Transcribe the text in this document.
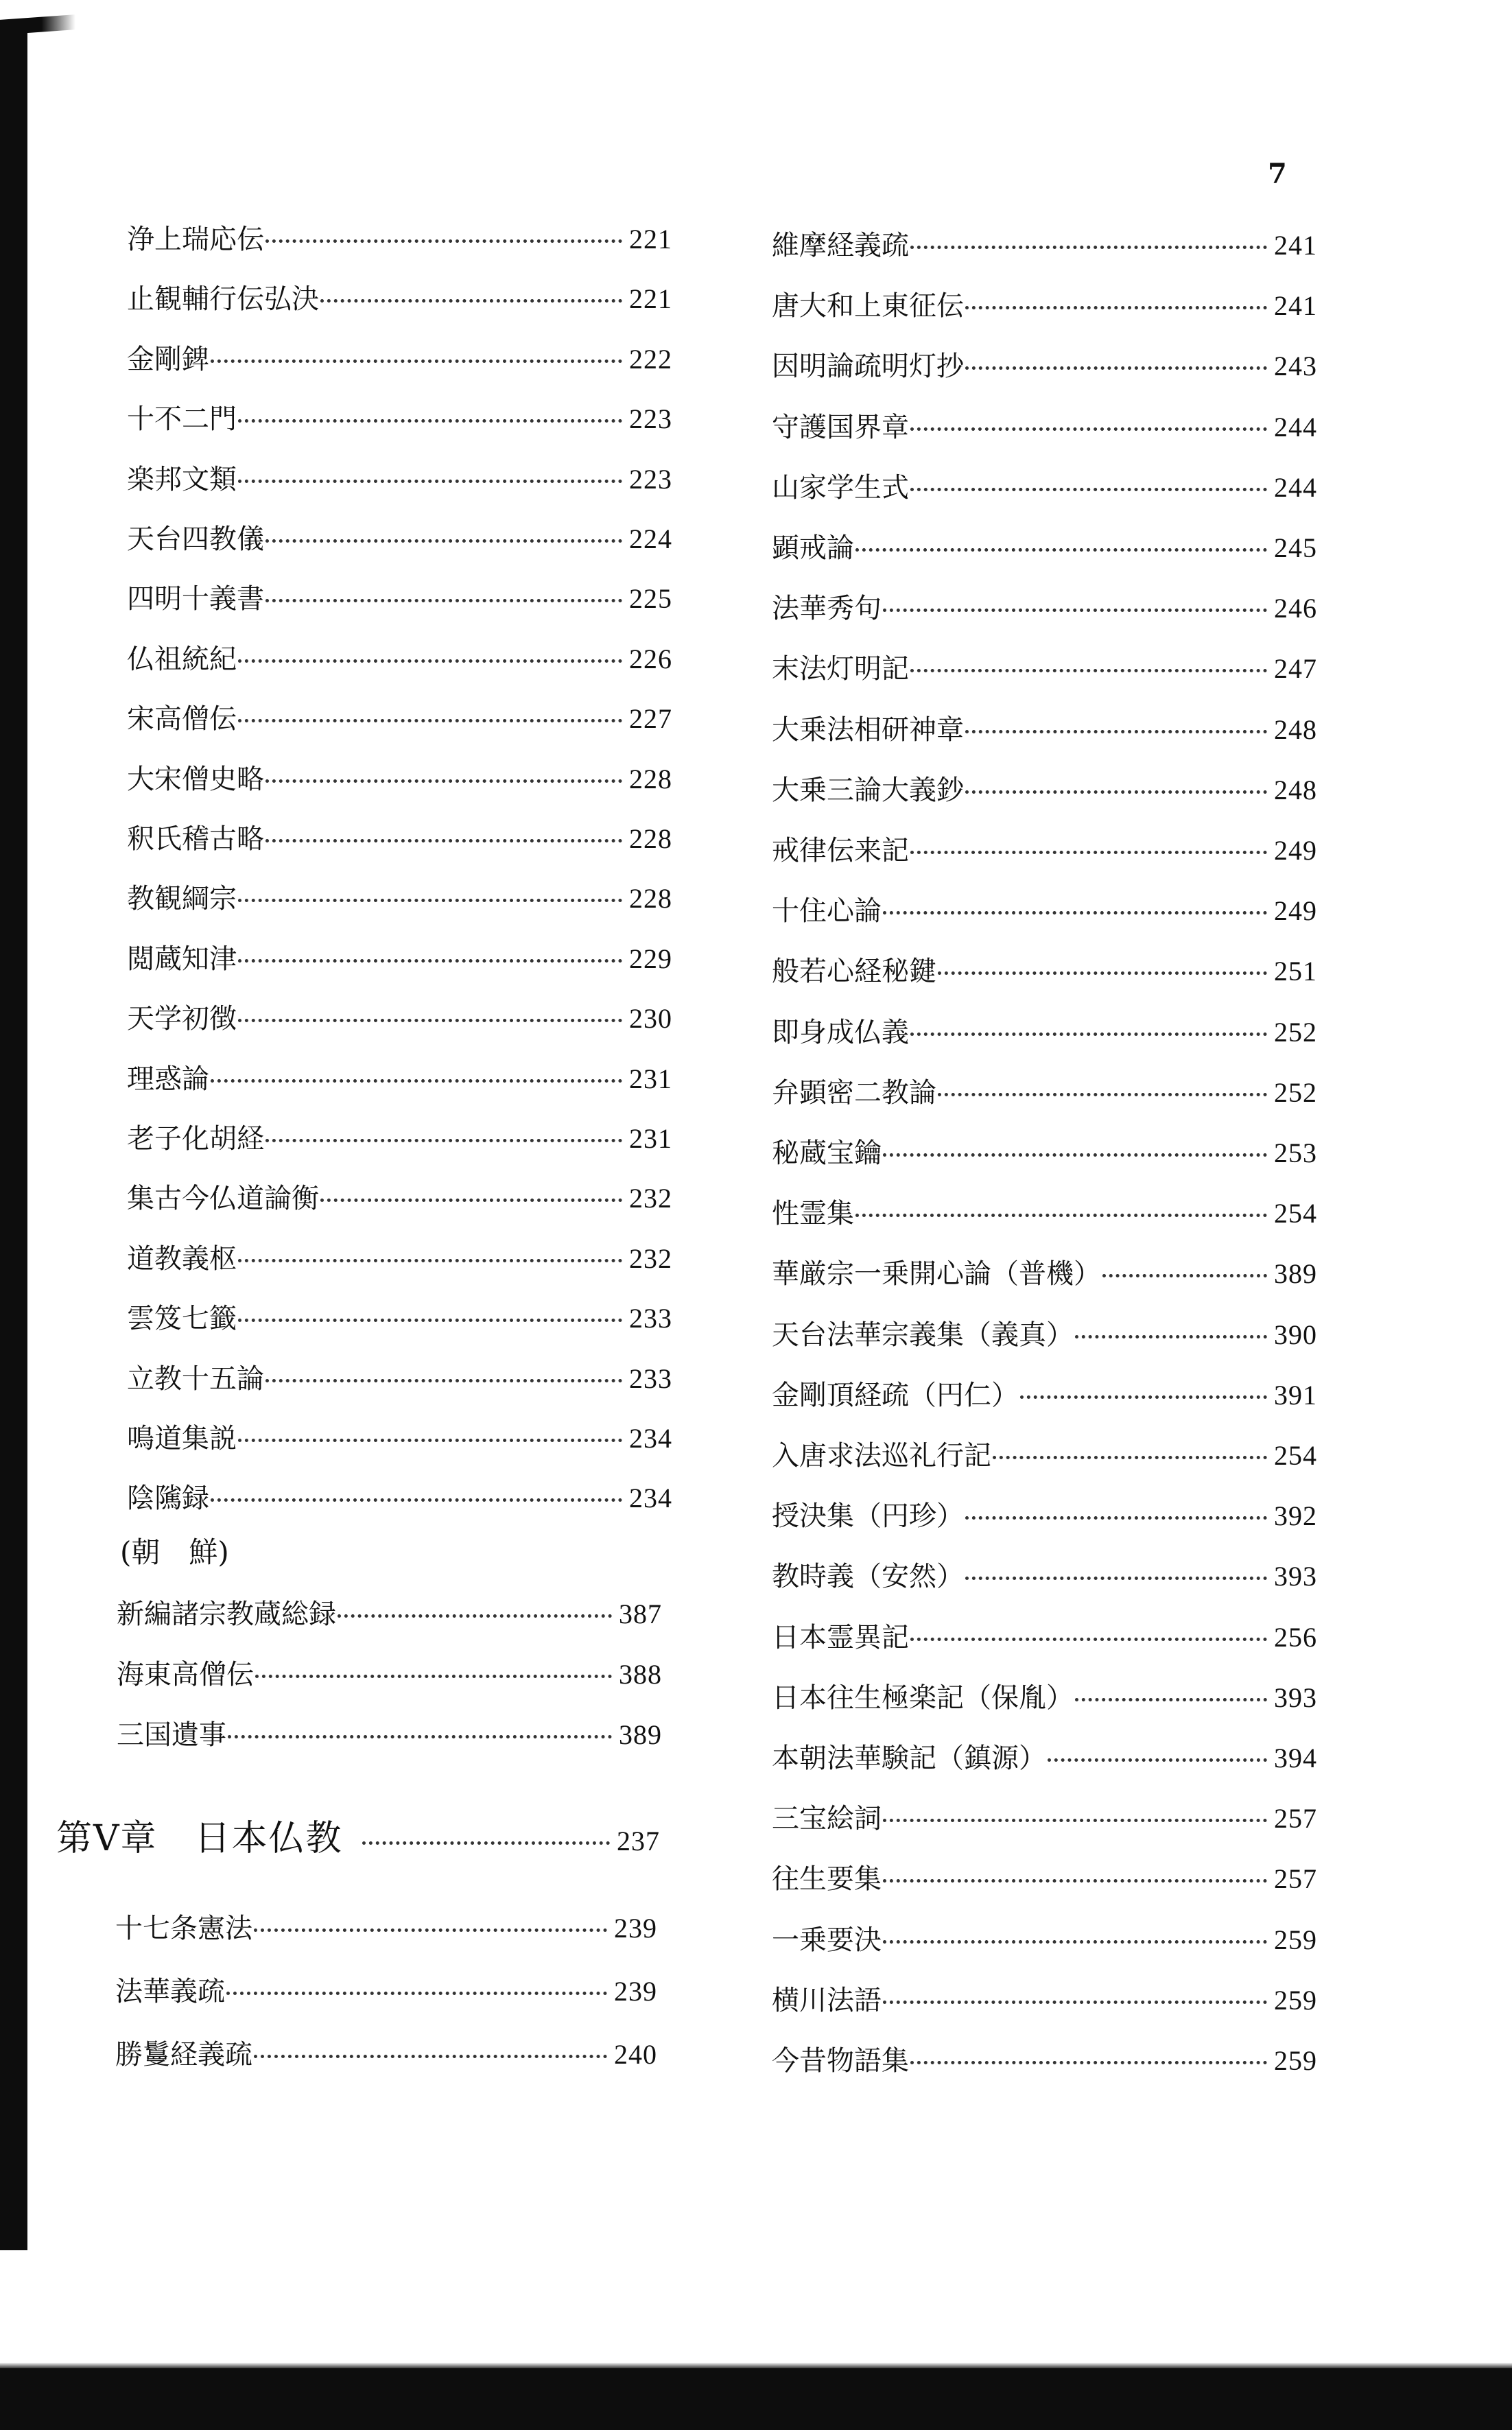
7
(朝　鮮)
第Ⅴ章　日本仏教	237
浄上瑞応伝	221
止観輔行伝弘決	221
金剛錍	222
十不二門	223
楽邦文類	223
天台四教儀	224
四明十義書	225
仏祖統紀	226
宋高僧伝	227
大宋僧史略	228
釈氏稽古略	228
教観綱宗	228
閲蔵知津	229
天学初徴	230
理惑論	231
老子化胡経	231
集古今仏道論衡	232
道教義枢	232
雲笈七籤	233
立教十五論	233
鳴道集説	234
陰隲録	234
新編諸宗教蔵総録	387
海東高僧伝	388
三国遺事	389
十七条憲法	239
法華義疏	239
勝鬘経義疏	240
維摩経義疏	241
唐大和上東征伝	241
因明論疏明灯抄	243
守護国界章	244
山家学生式	244
顕戒論	245
法華秀句	246
末法灯明記	247
大乗法相研神章	248
大乗三論大義鈔	248
戒律伝来記	249
十住心論	249
般若心経秘鍵	251
即身成仏義	252
弁顕密二教論	252
秘蔵宝鑰	253
性霊集	254
華厳宗一乗開心論（普機）	389
天台法華宗義集（義真）	390
金剛頂経疏（円仁）	391
入唐求法巡礼行記	254
授決集（円珍）	392
教時義（安然）	393
日本霊異記	256
日本往生極楽記（保胤）	393
本朝法華験記（鎮源）	394
三宝絵詞	257
往生要集	257
一乗要決	259
横川法語	259
今昔物語集	259
